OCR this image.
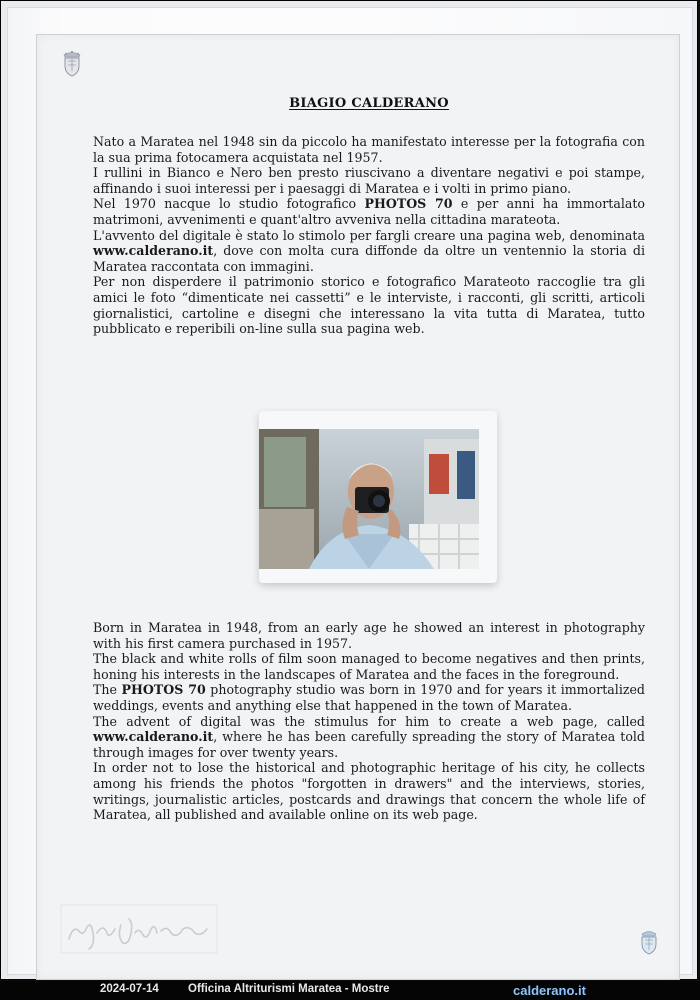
BIAGIO CALDERANO

Nato a Maratea nel 1948 sin da piccolo ha manifestato interesse per la fotografia con la sua prima fotocamera acquistata nel 1957.

I rullini in Bianco e Nero ben presto riuscivano a diventare negativi e poi stampe, affinando i suoi interessi per i paesaggi di Maratea e i volti in primo piano.

Nel 1970 nacque lo studio fotografico PHOTOS 70 e per anni ha immortalato matrimoni, avvenimenti e quant'altro avveniva nella cittadina marateota.

L'avvento del digitale è stato lo stimolo per fargli creare una pagina web, denominata www.calderano.it, dove con molta cura diffonde da oltre un ventennio la storia di Maratea raccontata con immagini.

Per non disperdere il patrimonio storico e fotografico Marateoto raccoglie tra gli amici le foto “dimenticate nei cassetti” e le interviste, i racconti, gli scritti, articoli giornalistici, cartoline e disegni che interessano la vita tutta di Maratea, tutto pubblicato e reperibili on-line sulla sua pagina web.

Born in Maratea in 1948, from an early age he showed an interest in photography with his first camera purchased in 1957.

The black and white rolls of film soon managed to become negatives and then prints, honing his interests in the landscapes of Maratea and the faces in the foreground.

The PHOTOS 70 photography studio was born in 1970 and for years it immortalized weddings, events and anything else that happened in the town of Maratea.

The advent of digital was the stimulus for him to create a web page, called www.calderano.it, where he has been carefully spreading the story of Maratea told through images for over twenty years.

In order not to lose the historical and photographic heritage of his city, he collects among his friends the photos "forgotten in drawers" and the interviews, stories, writings, journalistic articles, postcards and drawings that concern the whole life of Maratea, all published and available online on its web page.

2024-07-14	Officina Altriturismi Maratea - Mostre	calderano.it
